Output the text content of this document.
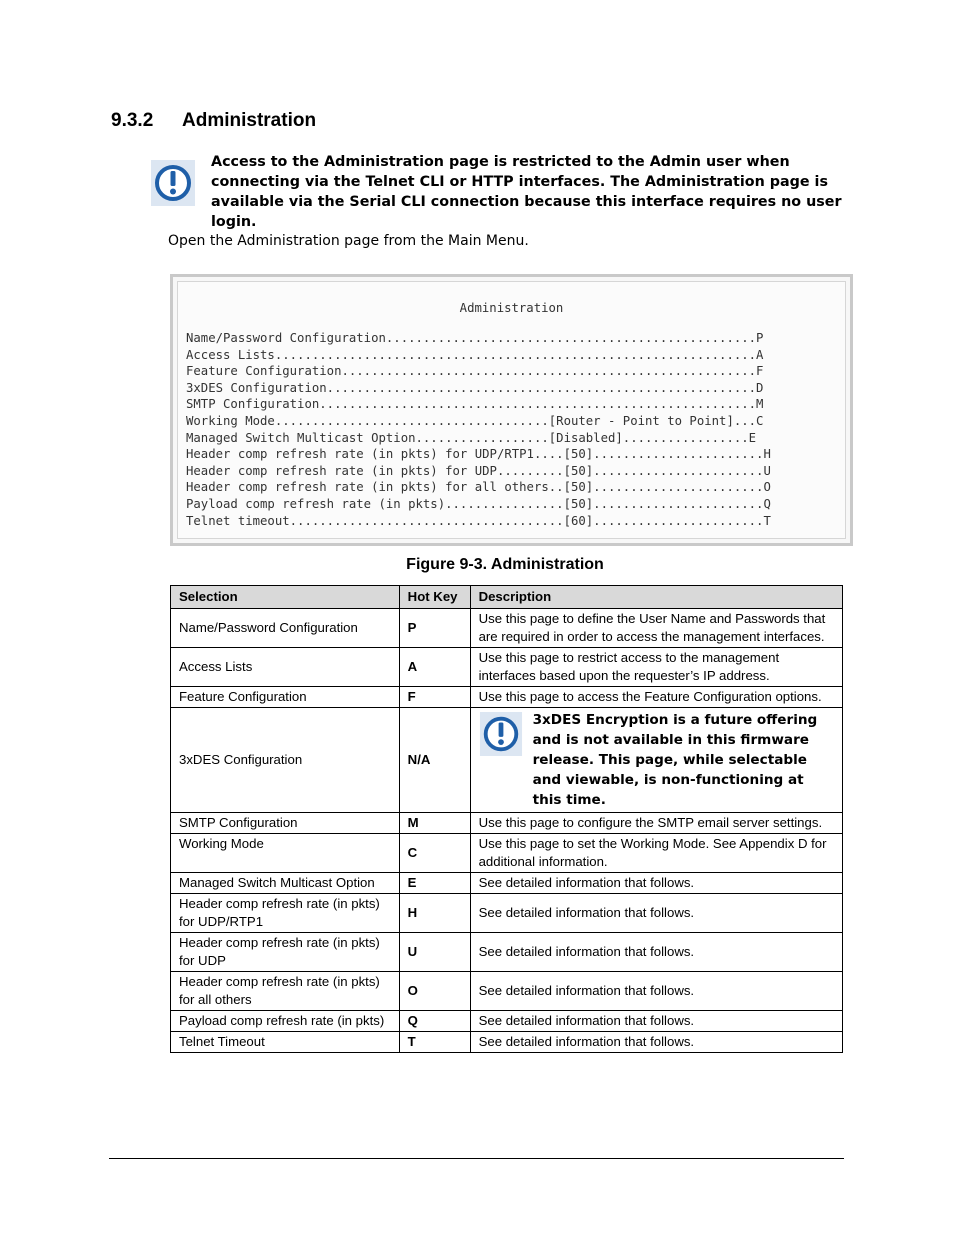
9.3.2 Administration
Access to the Administration page is restricted to the Admin user when connecting via the Telnet CLI or HTTP interfaces. The Administration page is available via the Serial CLI connection because this interface requires no user login.
Open the Administration page from the Main Menu.
Administration
Name/Password Configuration..................................................P
Access Lists.................................................................A
Feature Configuration........................................................F
3xDES Configuration..........................................................D
SMTP Configuration...........................................................M
Working Mode.....................................[Router - Point to Point]...C
Managed Switch Multicast Option..................[Disabled].................E
Header comp refresh rate (in pkts) for UDP/RTP1....[50].......................H
Header comp refresh rate (in pkts) for UDP.........[50].......................U
Header comp refresh rate (in pkts) for all others..[50].......................O
Payload comp refresh rate (in pkts)................[50].......................Q
Telnet timeout.....................................[60].......................T
Figure 9-3. Administration
Selection	Hot Key	Description
Name/Password Configuration	P	Use this page to define the User Name and Passwords that are required in order to access the management interfaces.
Access Lists	A	Use this page to restrict access to the management interfaces based upon the requester’s IP address.
Feature Configuration	F	Use this page to access the Feature Configuration options.
3xDES Configuration	N/A	3xDES Encryption is a future offering and is not available in this firmware release. This page, while selectable and viewable, is non-functioning at this time.

SMTP Configuration	M	Use this page to configure the SMTP email server settings.
Working Mode	C	Use this page to set the Working Mode. See Appendix D for additional information.
Managed Switch Multicast Option	E	See detailed information that follows.
Header comp refresh rate (in pkts) for UDP/RTP1	H	See detailed information that follows.
Header comp refresh rate (in pkts) for UDP	U	See detailed information that follows.
Header comp refresh rate (in pkts) for all others	O	See detailed information that follows.
Payload comp refresh rate (in pkts)	Q	See detailed information that follows.
Telnet Timeout	T	See detailed information that follows.
